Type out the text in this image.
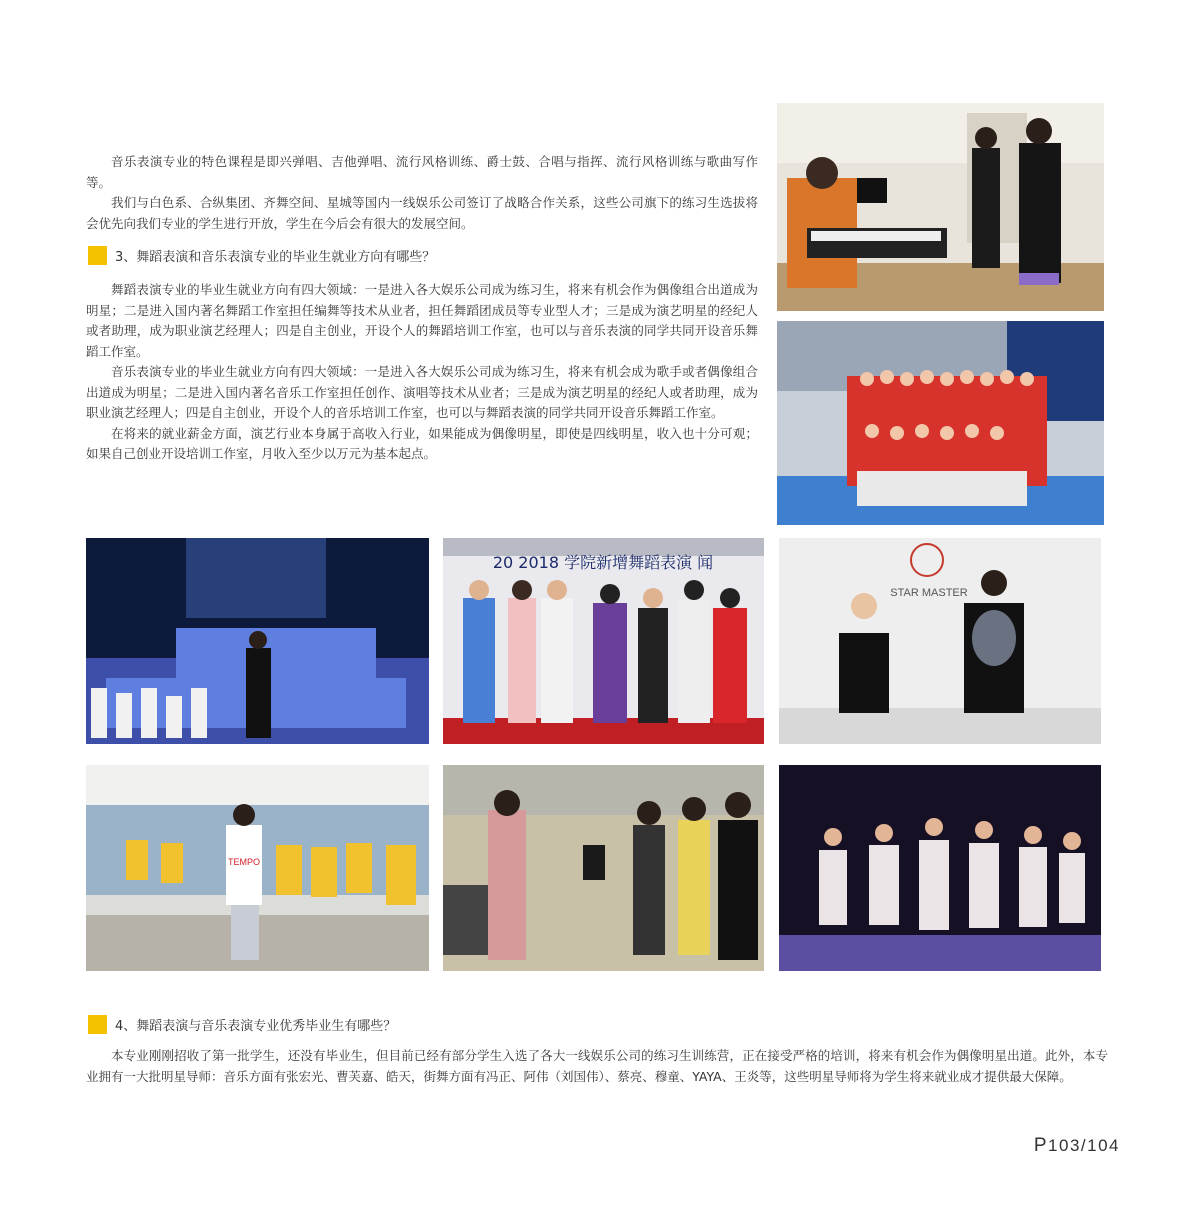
音乐表演专业的特色课程是即兴弹唱、吉他弹唱、流行风格训练、爵士鼓、合唱与指挥、流行风格训练与歌曲写作等。

我们与白色系、合纵集团、齐舞空间、星城等国内一线娱乐公司签订了战略合作关系，这些公司旗下的练习生选拔将会优先向我们专业的学生进行开放，学生在今后会有很大的发展空间。

3、舞蹈表演和音乐表演专业的毕业生就业方向有哪些？

舞蹈表演专业的毕业生就业方向有四大领域：一是进入各大娱乐公司成为练习生，将来有机会作为偶像组合出道成为明星；二是进入国内著名舞蹈工作室担任编舞等技术从业者，担任舞蹈团成员等专业型人才；三是成为演艺明星的经纪人或者助理，成为职业演艺经理人；四是自主创业，开设个人的舞蹈培训工作室，也可以与音乐表演的同学共同开设音乐舞蹈工作室。

音乐表演专业的毕业生就业方向有四大领域：一是进入各大娱乐公司成为练习生，将来有机会成为歌手或者偶像组合出道成为明星；二是进入国内著名音乐工作室担任创作、演唱等技术从业者；三是成为演艺明星的经纪人或者助理，成为职业演艺经理人；四是自主创业，开设个人的音乐培训工作室，也可以与舞蹈表演的同学共同开设音乐舞蹈工作室。

在将来的就业薪金方面，演艺行业本身属于高收入行业，如果能成为偶像明星，即使是四线明星，收入也十分可观；如果自己创业开设培训工作室，月收入至少以万元为基本起点。

20 2018 学院新增舞蹈表演 闻
STAR MASTER
TEMPO
4、舞蹈表演与音乐表演专业优秀毕业生有哪些？

本专业刚刚招收了第一批学生，还没有毕业生，但目前已经有部分学生入选了各大一线娱乐公司的练习生训练营，正在接受严格的培训，将来有机会作为偶像明星出道。此外，本专业拥有一大批明星导师：音乐方面有张宏光、曹芙嘉、皓天，街舞方面有冯正、阿伟（刘国伟）、蔡亮、穆童、YAYA、王炎等，这些明星导师将为学生将来就业成才提供最大保障。

P103/104
